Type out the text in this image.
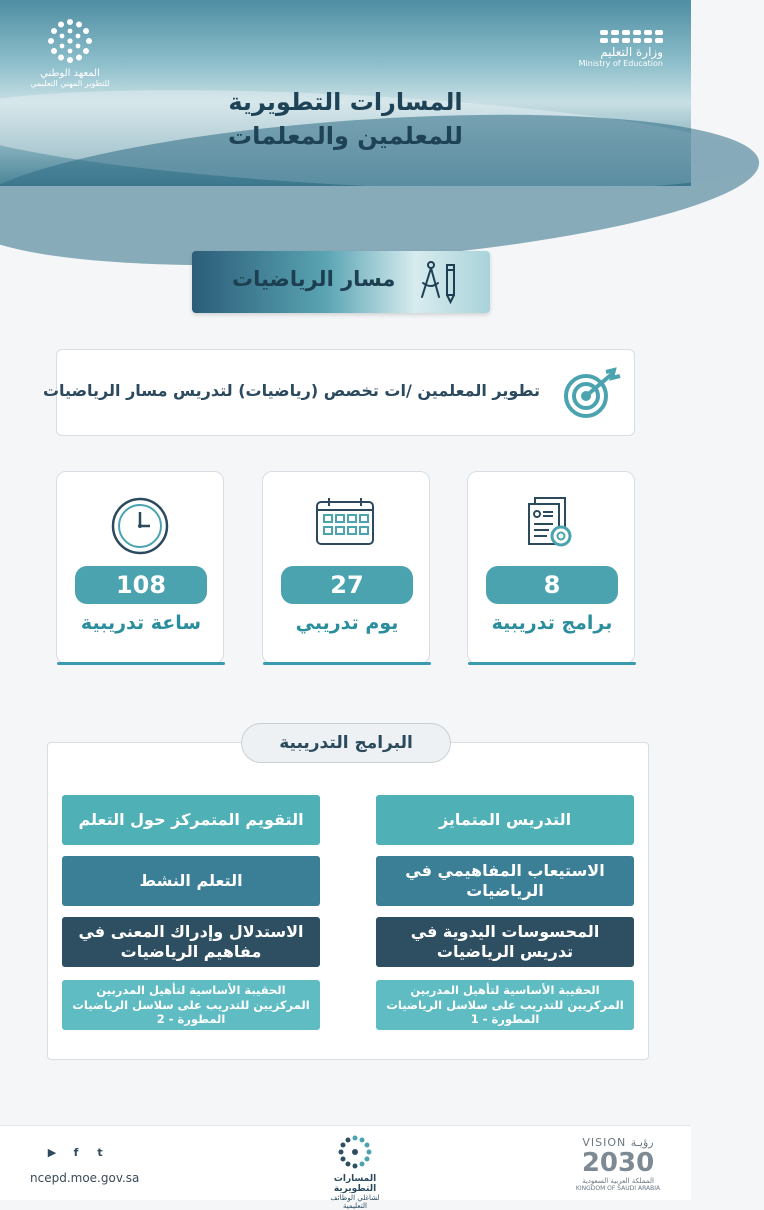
المعهد الوطني
للتطوير المهني التعليمي
وزارة التعليم
Ministry of Education
المسارات التطويرية
للمعلمين والمعلمات
مسار الرياضيات
تطوير المعلمين /ات تخصص (رياضيات) لتدريس مسار الرياضيات
8
برامج تدريبية
27
يوم تدريبي
108
ساعة تدريبية
البرامج التدريبية
التدريس المتمايز
الاستيعاب المفاهيمي في الرياضيات
المحسوسات اليدوية في تدريس الرياضيات
الحقيبة الأساسية لتأهيل المدربين المركزيين للتدريب على سلاسل الرياضيات المطورة - 1
التقويم المتمركز حول التعلم
التعلم النشط
الاستدلال وإدراك المعنى في مفاهيم الرياضيات
الحقيبة الأساسية لتأهيل المدربين المركزيين للتدريب على سلاسل الرياضيات المطورة - 2
▶	f	t
ncepd.moe.gov.sa	المسارات التطويرية
لشاغلي الوظائف التعليمية
VISION رؤيـة
2030
المملكة العربية السعودية
KINGDOM OF SAUDI ARABIA
